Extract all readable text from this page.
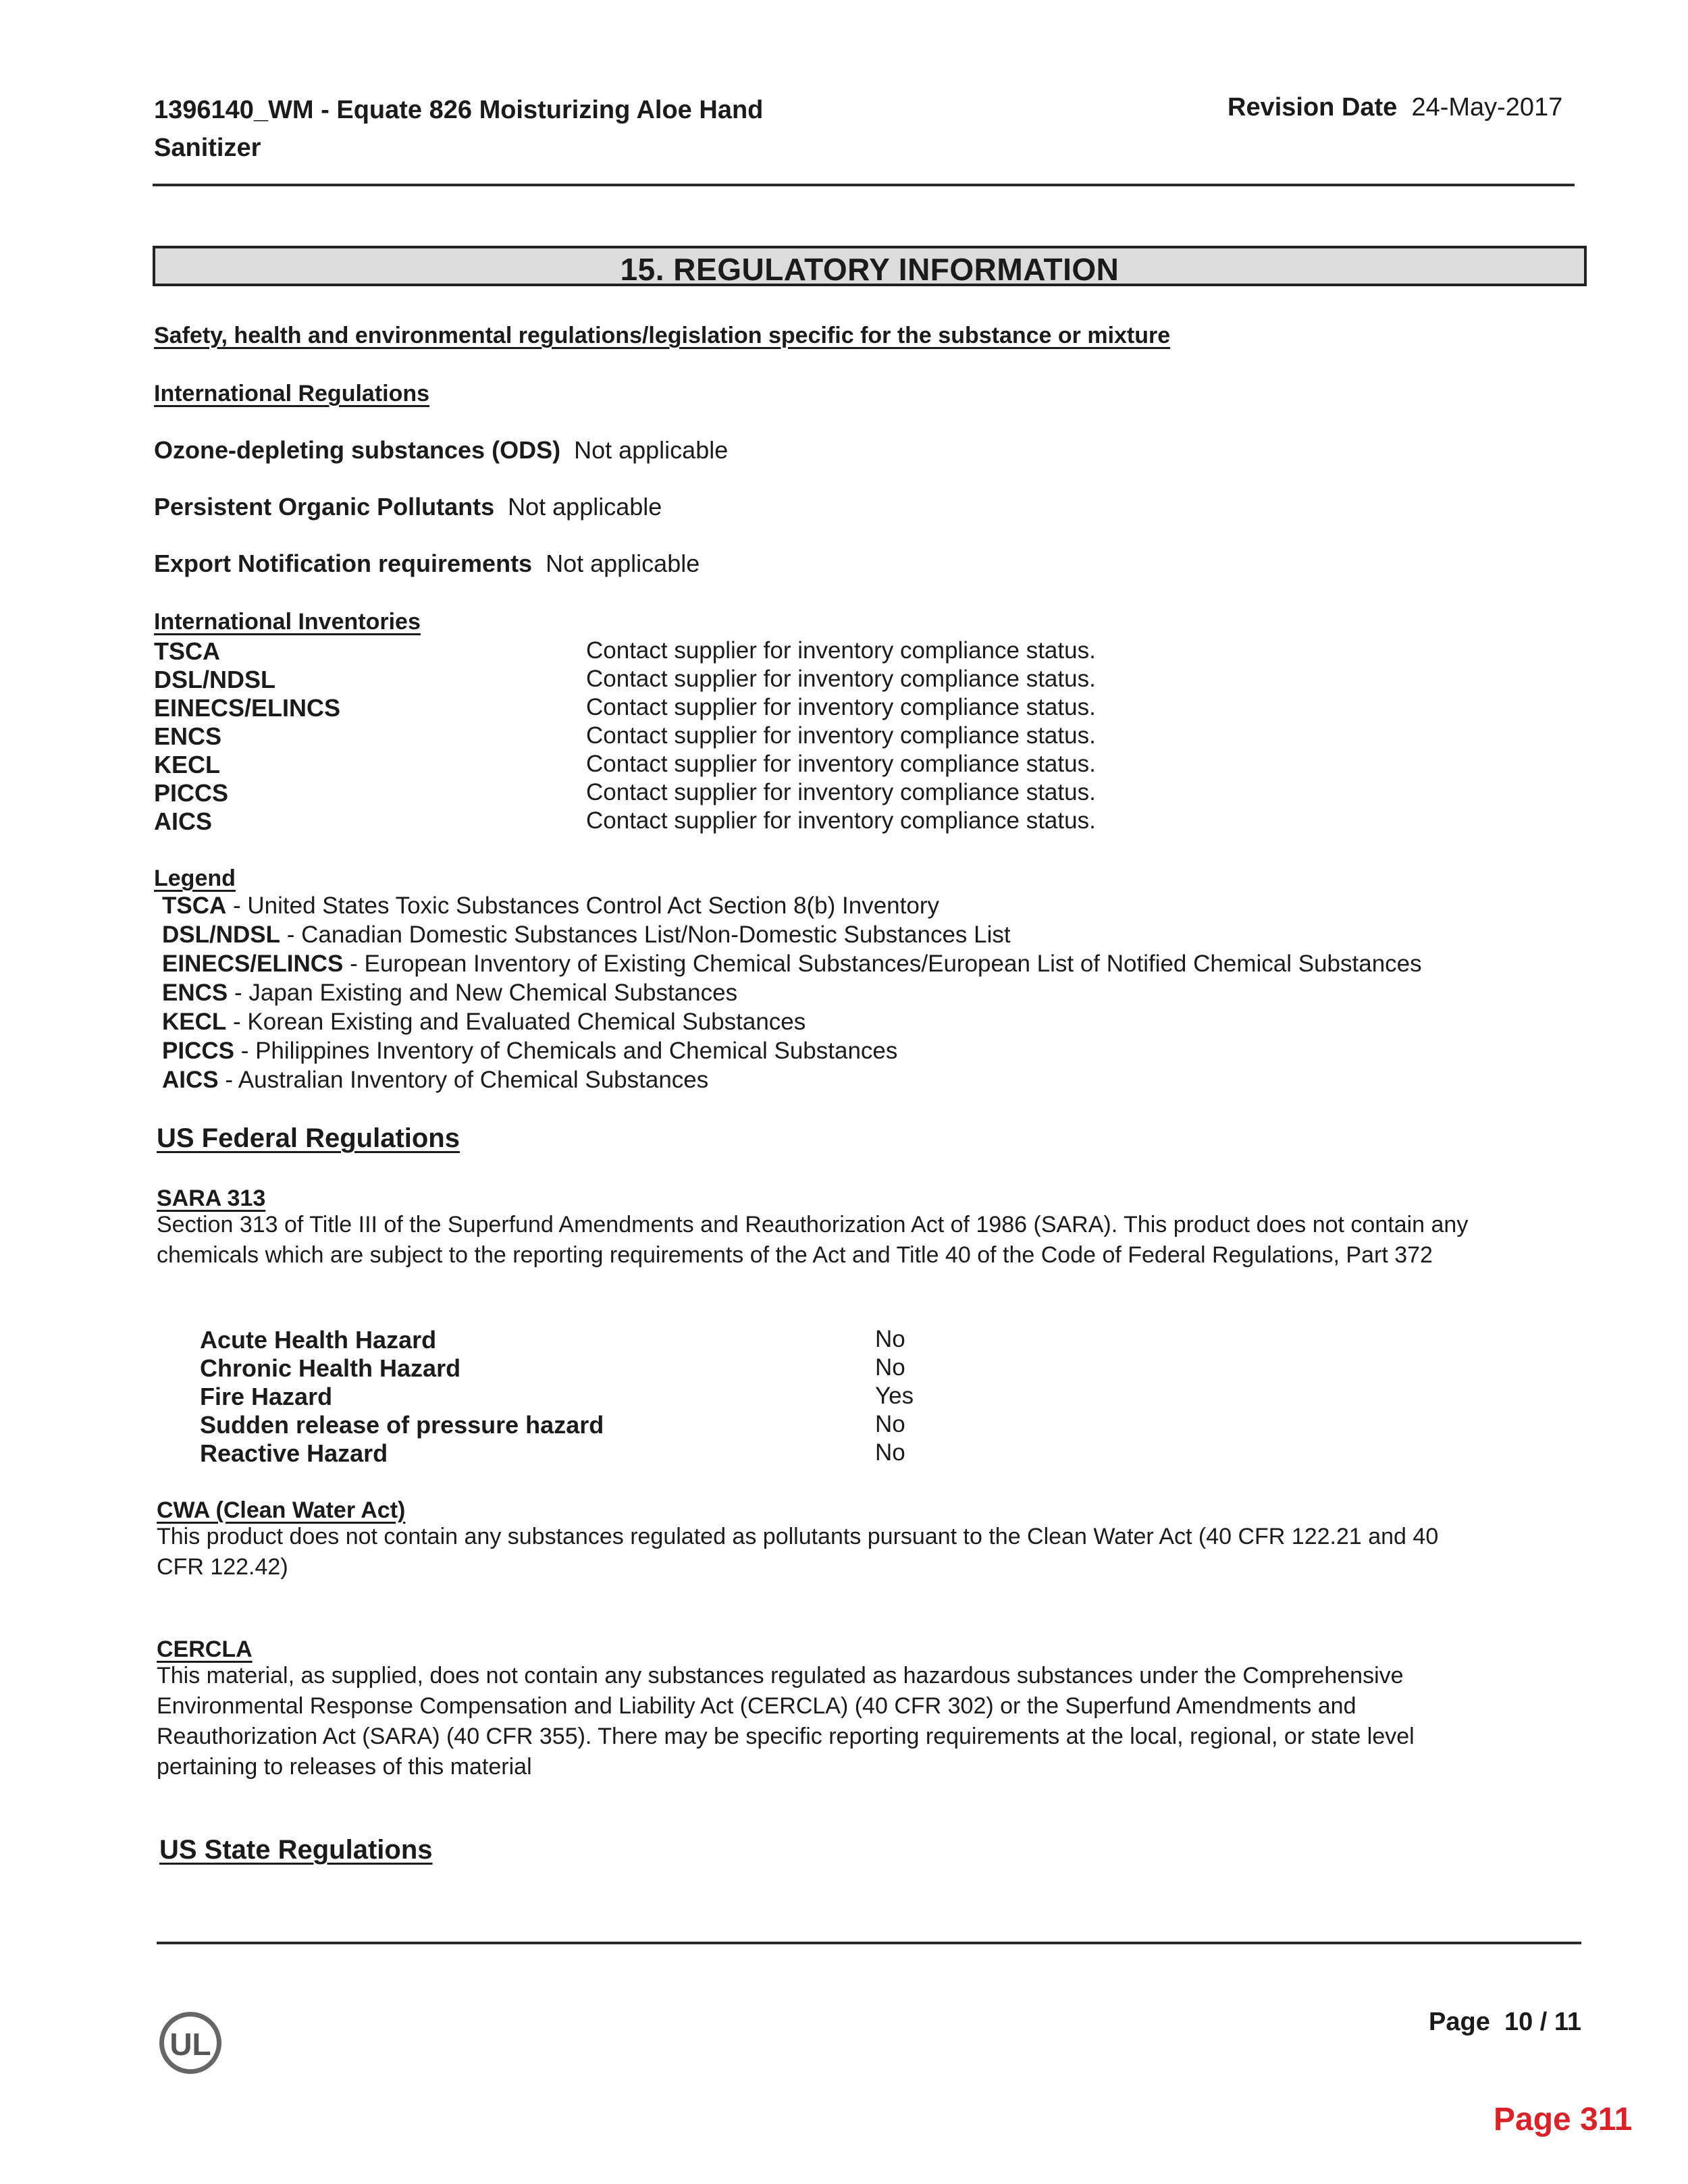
1396140_WM - Equate 826 Moisturizing Aloe Hand
Sanitizer
Revision Date 24-May-2017
15. REGULATORY INFORMATION
Safety, health and environmental regulations/legislation specific for the substance or mixture
International Regulations
Ozone-depleting substances (ODS) Not applicable
Persistent Organic Pollutants Not applicable
Export Notification requirements Not applicable
International Inventories
TSCA	Contact supplier for inventory compliance status.
DSL/NDSL	Contact supplier for inventory compliance status.
EINECS/ELINCS	Contact supplier for inventory compliance status.
ENCS	Contact supplier for inventory compliance status.
KECL	Contact supplier for inventory compliance status.
PICCS	Contact supplier for inventory compliance status.
AICS	Contact supplier for inventory compliance status.
Legend
TSCA - United States Toxic Substances Control Act Section 8(b) Inventory
DSL/NDSL - Canadian Domestic Substances List/Non-Domestic Substances List
EINECS/ELINCS - European Inventory of Existing Chemical Substances/European List of Notified Chemical Substances
ENCS - Japan Existing and New Chemical Substances
KECL - Korean Existing and Evaluated Chemical Substances
PICCS - Philippines Inventory of Chemicals and Chemical Substances
AICS - Australian Inventory of Chemical Substances
US Federal Regulations
SARA 313
Section 313 of Title III of the Superfund Amendments and Reauthorization Act of 1986 (SARA). This product does not contain any
chemicals which are subject to the reporting requirements of the Act and Title 40 of the Code of Federal Regulations, Part 372
Acute Health Hazard	No
Chronic Health Hazard	No
Fire Hazard	Yes
Sudden release of pressure hazard	No
Reactive Hazard	No
CWA (Clean Water Act)
This product does not contain any substances regulated as pollutants pursuant to the Clean Water Act (40 CFR 122.21 and 40
CFR 122.42)
CERCLA
This material, as supplied, does not contain any substances regulated as hazardous substances under the Comprehensive
Environmental Response Compensation and Liability Act (CERCLA) (40 CFR 302) or the Superfund Amendments and
Reauthorization Act (SARA) (40 CFR 355). There may be specific reporting requirements at the local, regional, or state level
pertaining to releases of this material
US State Regulations
UL
Page 10 / 11
Page 311
